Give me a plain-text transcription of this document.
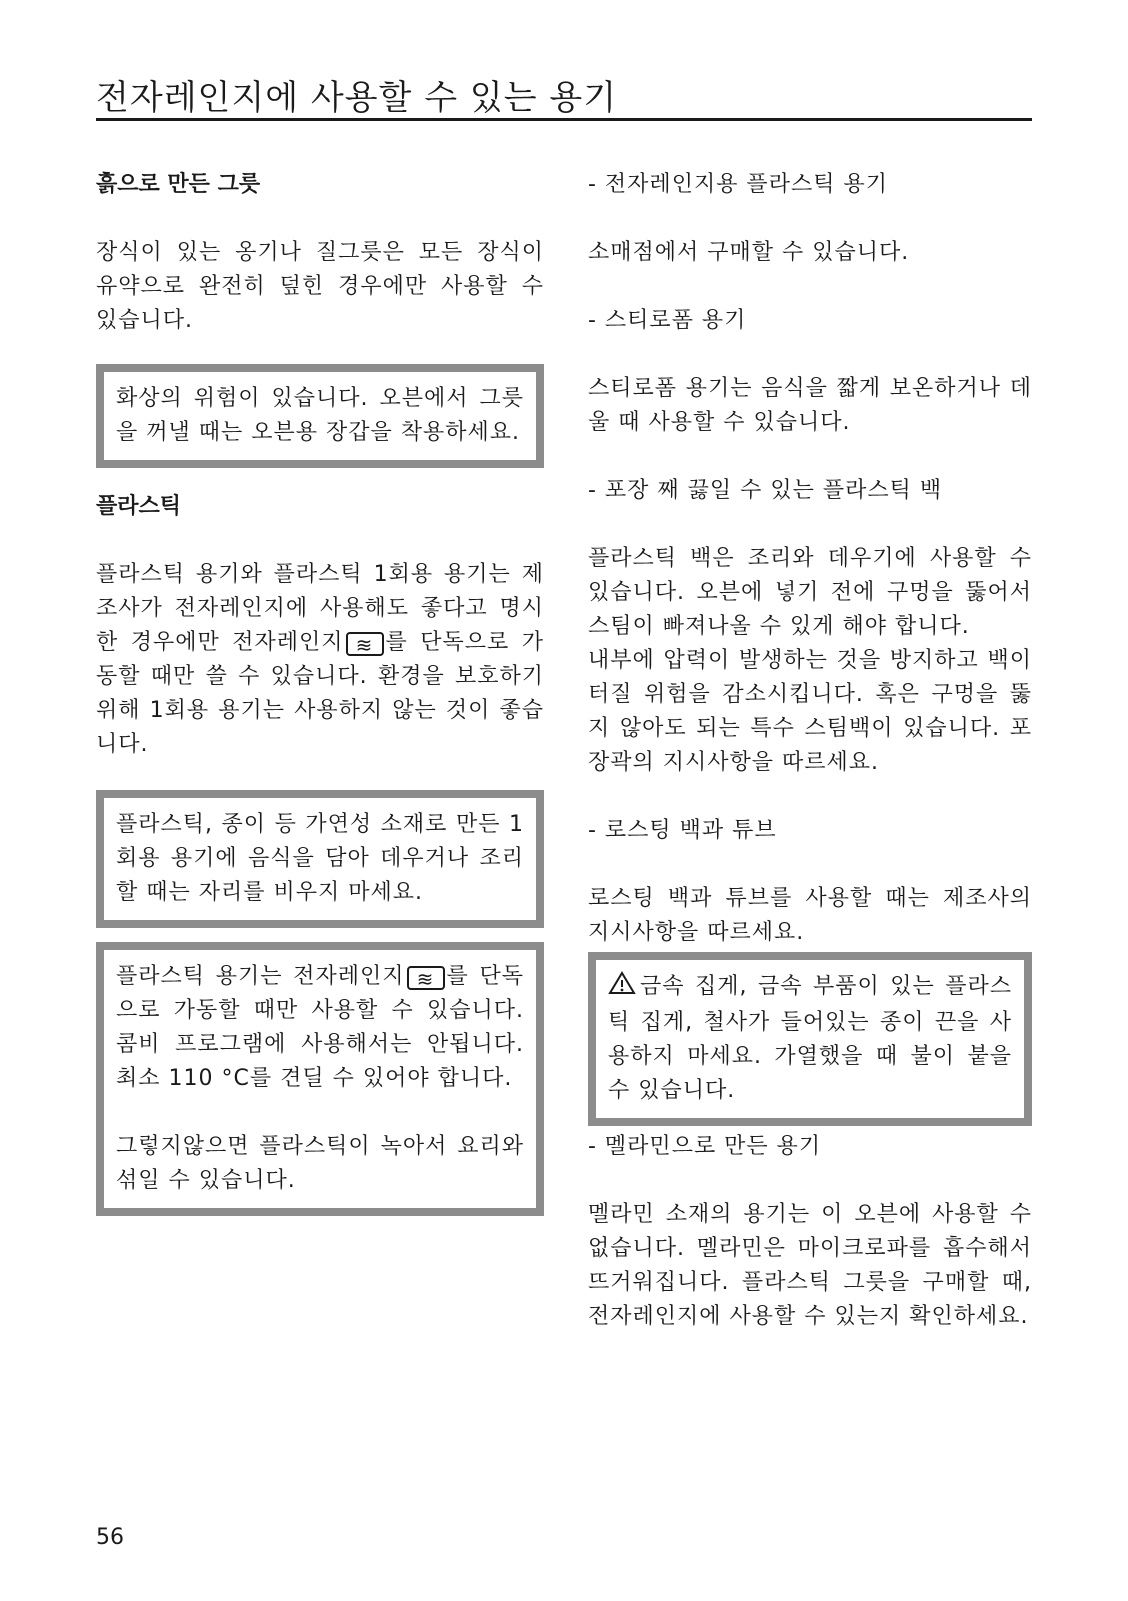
전자레인지에 사용할 수 있는 용기

흙으로 만든 그릇

장식이 있는 옹기나 질그릇은 모든 장식이 유약으로 완전히 덮힌 경우에만 사용할 수 있습니다.

화상의 위험이 있습니다. 오븐에서 그릇을 꺼낼 때는 오븐용 장갑을 착용하세요.

플라스틱

플라스틱 용기와 플라스틱 1회용 용기는 제조사가 전자레인지에 사용해도 좋다고 명시한 경우에만 전자레인지 ≋ 를 단독으로 가동할 때만 쓸 수 있습니다. 환경을 보호하기 위해 1회용 용기는 사용하지 않는 것이 좋습니다.

플라스틱, 종이 등 가연성 소재로 만든 1회용 용기에 음식을 담아 데우거나 조리할 때는 자리를 비우지 마세요.

플라스틱 용기는 전자레인지 ≋ 를 단독으로 가동할 때만 사용할 수 있습니다. 콤비 프로그램에 사용해서는 안됩니다. 최소 110 °C를 견딜 수 있어야 합니다.

그렇지않으면 플라스틱이 녹아서 요리와 섞일 수 있습니다.

- 전자레인지용 플라스틱 용기

소매점에서 구매할 수 있습니다.

- 스티로폼 용기

스티로폼 용기는 음식을 짧게 보온하거나 데울 때 사용할 수 있습니다.

- 포장 째 끓일 수 있는 플라스틱 백

플라스틱 백은 조리와 데우기에 사용할 수 있습니다. 오븐에 넣기 전에 구멍을 뚫어서 스팀이 빠져나올 수 있게 해야 합니다.

내부에 압력이 발생하는 것을 방지하고 백이 터질 위험을 감소시킵니다. 혹은 구멍을 뚫지 않아도 되는 특수 스팀백이 있습니다. 포장곽의 지시사항을 따르세요.

- 로스팅 백과 튜브

로스팅 백과 튜브를 사용할 때는 제조사의 지시사항을 따르세요.

금속 집게, 금속 부품이 있는 플라스틱 집게, 철사가 들어있는 종이 끈을 사용하지 마세요. 가열했을 때 불이 붙을 수 있습니다.

- 멜라민으로 만든 용기

멜라민 소재의 용기는 이 오븐에 사용할 수 없습니다. 멜라민은 마이크로파를 흡수해서 뜨거워집니다. 플라스틱 그릇을 구매할 때, 전자레인지에 사용할 수 있는지 확인하세요.

56
